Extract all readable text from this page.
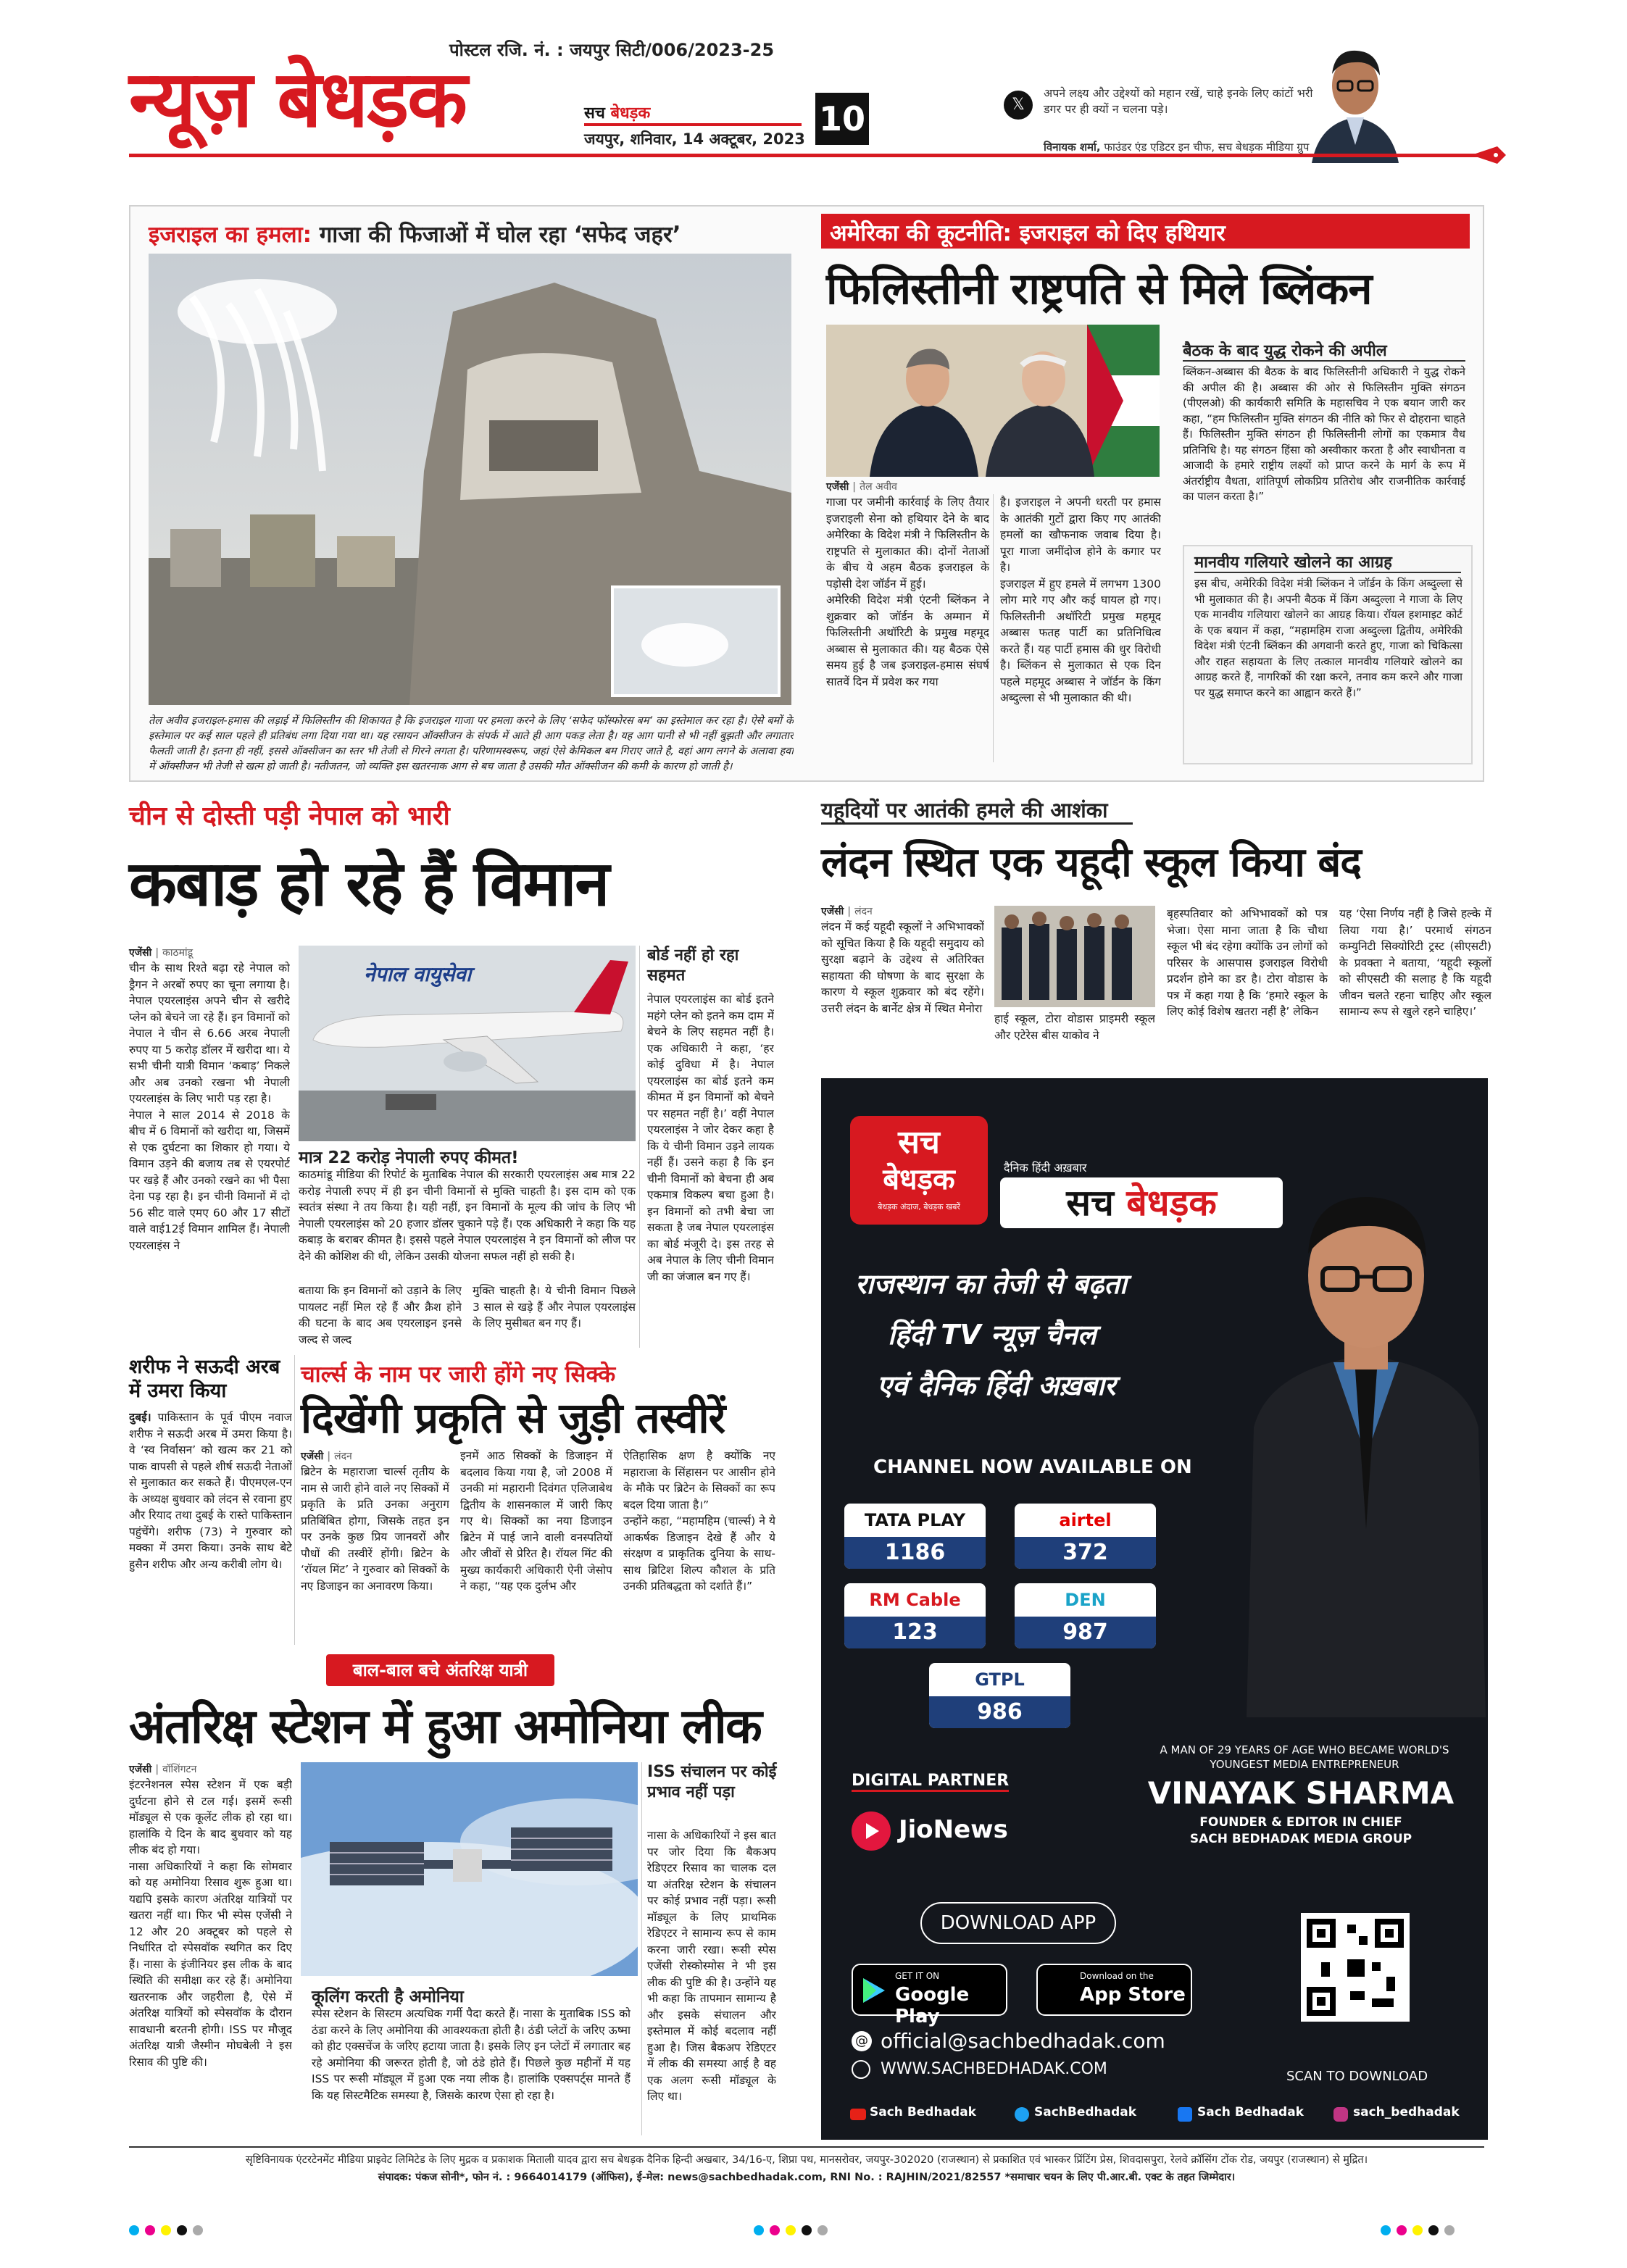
पोस्टल रजि. नं. : जयपुर सिटी/006/2023-25
न्यूज़ बेधड़क	सच बेधड़क
जयपुर, शनिवार, 14 अक्टूबर, 2023
10	𝕏
अपने लक्ष्य और उद्देश्यों को महान रखें, चाहे इनके लिए कांटों भरी डगर पर ही क्यों न चलना पड़े।
विनायक शर्मा, फाउंडर एंड एडिटर इन चीफ, सच बेधड़क मीडिया ग्रुप
इजराइल का हमला: गाजा की फिजाओं में घोल रहा ‘सफेद जहर’
तेल अवीव इजराइल-हमास की लड़ाई में फिलिस्तीन की शिकायत है कि इजराइल गाजा पर हमला करने के लिए ‘सफेद फॉस्फोरस बम’ का इस्तेमाल कर रहा है। ऐसे बमों के इस्तेमाल पर कई साल पहले ही प्रतिबंध लगा दिया गया था। यह रसायन ऑक्सीजन के संपर्क में आते ही आग पकड़ लेता है। यह आग पानी से भी नहीं बुझती और लगातार फैलती जाती है। इतना ही नहीं, इससे ऑक्सीजन का स्तर भी तेजी से गिरने लगता है। परिणामस्वरूप, जहां ऐसे केमिकल बम गिराए जाते है, वहां आग लगने के अलावा हवा में ऑक्सीजन भी तेजी से खत्म हो जाती है। नतीजतन, जो व्यक्ति इस खतरनाक आग से बच जाता है उसकी मौत ऑक्सीजन की कमी के कारण हो जाती है।
अमेरिका की कूटनीति: इजराइल को दिए हथियार
फिलिस्तीनी राष्ट्रपति से मिले ब्लिंकन
एजेंसी | तेल अवीव
गाजा पर जमीनी कार्रवाई के लिए तैयार इजराइली सेना को हथियार देने के बाद अमेरिका के विदेश मंत्री ने फिलिस्तीन के राष्ट्रपति से मुलाकात की। दोनों नेताओं के बीच ये अहम बैठक इजराइल के पड़ोसी देश जॉर्डन में हुई।
अमेरिकी विदेश मंत्री एंटनी ब्लिंकन ने शुक्रवार को जॉर्डन के अम्मान में फिलिस्तीनी अथॉरिटी के प्रमुख महमूद अब्बास से मुलाकात की। यह बैठक ऐसे समय हुई है जब इजराइल-हमास संघर्ष सातवें दिन में प्रवेश कर गया
है। इजराइल ने अपनी धरती पर हमास के आतंकी गुटों द्वारा किए गए आतंकी हमलों का खौफनाक जवाब दिया है। पूरा गाजा जमींदोज होने के कगार पर है।
इजराइल में हुए हमले में लगभग 1300 लोग मारे गए और कई घायल हो गए। फिलिस्तीनी अथॉरिटी प्रमुख महमूद अब्बास फतह पार्टी का प्रतिनिधित्व करते हैं। यह पार्टी हमास की धुर विरोधी है। ब्लिंकन से मुलाकात से एक दिन पहले महमूद अब्बास ने जॉर्डन के किंग अब्दुल्ला से भी मुलाकात की थी।
बैठक के बाद युद्ध रोकने की अपील
ब्लिंकन-अब्बास की बैठक के बाद फिलिस्तीनी अधिकारी ने युद्ध रोकने की अपील की है। अब्बास की ओर से फिलिस्तीन मुक्ति संगठन (पीएलओ) की कार्यकारी समिति के महासचिव ने एक बयान जारी कर कहा, “हम फिलिस्तीन मुक्ति संगठन की नीति को फिर से दोहराना चाहते हैं। फिलिस्तीन मुक्ति संगठन ही फिलिस्तीनी लोगों का एकमात्र वैध प्रतिनिधि है। यह संगठन हिंसा को अस्वीकार करता है और स्वाधीनता व आजादी के हमारे राष्ट्रीय लक्ष्यों को प्राप्त करने के मार्ग के रूप में अंतर्राष्ट्रीय वैधता, शांतिपूर्ण लोकप्रिय प्रतिरोध और राजनीतिक कार्रवाई का पालन करता है।”
मानवीय गलियारे खोलने का आग्रह
इस बीच, अमेरिकी विदेश मंत्री ब्लिंकन ने जॉर्डन के किंग अब्दुल्ला से भी मुलाकात की है। अपनी बैठक में किंग अब्दुल्ला ने गाजा के लिए एक मानवीय गलियारा खोलने का आग्रह किया। रॉयल हशमाइट कोर्ट के एक बयान में कहा, “महामहिम राजा अब्दुल्ला द्वितीय, अमेरिकी विदेश मंत्री एंटनी ब्लिंकन की अगवानी करते हुए, गाजा को चिकित्सा और राहत सहायता के लिए तत्काल मानवीय गलियारे खोलने का आग्रह करते हैं, नागरिकों की रक्षा करने, तनाव कम करने और गाजा पर युद्ध समाप्त करने का आह्वान करते हैं।”
चीन से दोस्ती पड़ी नेपाल को भारी
कबाड़ हो रहे हैं विमान
एजेंसी | काठमांडू
चीन के साथ रिश्ते बढ़ा रहे नेपाल को ड्रैगन ने अरबों रुपए का चूना लगाया है। नेपाल एयरलाइंस अपने चीन से खरीदे प्लेन को बेचने जा रहे हैं। इन विमानों को नेपाल ने चीन से 6.66 अरब नेपाली रुपए या 5 करोड़ डॉलर में खरीदा था। ये सभी चीनी यात्री विमान ‘कबाड़’ निकले और अब उनको रखना भी नेपाली एयरलाइंस के लिए भारी पड़ रहा है।
नेपाल ने साल 2014 से 2018 के बीच में 6 विमानों को खरीदा था, जिसमें से एक दुर्घटना का शिकार हो गया। ये विमान उड़ने की बजाय तब से एयरपोर्ट पर खड़े हैं और उनको रखने का भी पैसा देना पड़ रहा है। इन चीनी विमानों में दो 56 सीट वाले एमए 60 और 17 सीटों वाले वाई12ई विमान शामिल हैं। नेपाली एयरलाइंस ने
नेपाल वायुसेवा
मात्र 22 करोड़ नेपाली रुपए कीमत!
काठमांडू मीडिया की रिपोर्ट के मुताबिक नेपाल की सरकारी एयरलाइंस अब मात्र 22 करोड़ नेपाली रुपए में ही इन चीनी विमानों से मुक्ति चाहती है। इस दाम को एक स्वतंत्र संस्था ने तय किया है। यही नहीं, इन विमानों के मूल्य की जांच के लिए भी नेपाली एयरलाइंस को 20 हजार डॉलर चुकाने पड़े हैं। एक अधिकारी ने कहा कि यह कबाड़ के बराबर कीमत है। इससे पहले नेपाल एयरलाइंस ने इन विमानों को लीज पर देने की कोशिश की थी, लेकिन उसकी योजना सफल नहीं हो सकी है।
बताया कि इन विमानों को उड़ाने के लिए पायलट नहीं मिल रहे हैं और क्रैश होने की घटना के बाद अब एयरलाइन इनसे जल्द से जल्द
मुक्ति चाहती है। ये चीनी विमान पिछले 3 साल से खड़े हैं और नेपाल एयरलाइंस के लिए मुसीबत बन गए हैं।
बोर्ड नहीं हो रहा सहमत
नेपाल एयरलाइंस का बोर्ड इतने महंगे प्लेन को इतने कम दाम में बेचने के लिए सहमत नहीं है। एक अधिकारी ने कहा, ‘हर कोई दुविधा में है। नेपाल एयरलाइंस का बोर्ड इतने कम कीमत में इन विमानों को बेचने पर सहमत नहीं है।’ वहीं नेपाल एयरलाइंस ने जोर देकर कहा है कि ये चीनी विमान उड़ने लायक नहीं हैं। उसने कहा है कि इन चीनी विमानों को बेचना ही अब एकमात्र विकल्प बचा हुआ है। इन विमानों को तभी बेचा जा सकता है जब नेपाल एयरलाइंस का बोर्ड मंजूरी दे। इस तरह से अब नेपाल के लिए चीनी विमान जी का जंजाल बन गए हैं।
शरीफ ने सऊदी अरब में उमरा किया
दुबई। पाकिस्तान के पूर्व पीएम नवाज शरीफ ने सऊदी अरब में उमरा किया है। वे ‘स्व निर्वासन’ को खत्म कर 21 को पाक वापसी से पहले शीर्ष सऊदी नेताओं से मुलाकात कर सकते हैं। पीएमएल-एन के अध्यक्ष बुधवार को लंदन से रवाना हुए और रियाद तथा दुबई के रास्ते पाकिस्तान पहुंचेंगे। शरीफ (73) ने गुरुवार को मक्का में उमरा किया। उनके साथ बेटे हुसैन शरीफ और अन्य करीबी लोग थे।
चार्ल्स के नाम पर जारी होंगे नए सिक्के
दिखेंगी प्रकृति से जुड़ी तस्वीरें
एजेंसी | लंदन
ब्रिटेन के महाराजा चार्ल्स तृतीय के नाम से जारी होने वाले नए सिक्कों में प्रकृति के प्रति उनका अनुराग प्रतिबिंबित होगा, जिसके तहत इन पर उनके कुछ प्रिय जानवरों और पौधों की तस्वीरें होंगी। ब्रिटेन के ‘रॉयल मिंट’ ने गुरुवार को सिक्कों के नए डिजाइन का अनावरण किया।
इनमें आठ सिक्कों के डिजाइन में बदलाव किया गया है, जो 2008 में उनकी मां महारानी दिवंगत एलिजाबेथ द्वितीय के शासनकाल में जारी किए गए थे। सिक्कों का नया डिजाइन ब्रिटेन में पाई जाने वाली वनस्पतियों और जीवों से प्रेरित है। रॉयल मिंट की मुख्य कार्यकारी अधिकारी ऐनी जेसोप ने कहा, “यह एक दुर्लभ और
ऐतिहासिक क्षण है क्योंकि नए महाराजा के सिंहासन पर आसीन होने के मौके पर ब्रिटेन के सिक्कों का रूप बदल दिया जाता है।”
उन्होंने कहा, “महामहिम (चार्ल्स) ने ये आकर्षक डिजाइन देखे हैं और ये संरक्षण व प्राकृतिक दुनिया के साथ-साथ ब्रिटिश शिल्प कौशल के प्रति उनकी प्रतिबद्धता को दर्शाते हैं।”
बाल-बाल बचे अंतरिक्ष यात्री
अंतरिक्ष स्टेशन में हुआ अमोनिया लीक
एजेंसी | वॉशिंगटन
इंटरनेशनल स्पेस स्टेशन में एक बड़ी दुर्घटना होने से टल गई। इसमें रूसी मॉड्यूल से एक कूलेंट लीक हो रहा था। हालांकि ये दिन के बाद बुधवार को यह लीक बंद हो गया।
नासा अधिकारियों ने कहा कि सोमवार को यह अमोनिया रिसाव शुरू हुआ था। यद्यपि इसके कारण अंतरिक्ष यात्रियों पर खतरा नहीं था। फिर भी स्पेस एजेंसी ने 12 और 20 अक्टूबर को पहले से निर्धारित दो स्पेसवॉक स्थगित कर दिए हैं। नासा के इंजीनियर इस लीक के बाद स्थिति की समीक्षा कर रहे हैं। अमोनिया खतरनाक और जहरीला है, ऐसे में अंतरिक्ष यात्रियों को स्पेसवॉक के दौरान सावधानी बरतनी होगी। ISS पर मौजूद अंतरिक्ष यात्री जैस्मीन मोघबेली ने इस रिसाव की पुष्टि की।
कूलिंग करती है अमोनिया
स्पेस स्टेशन के सिस्टम अत्यधिक गर्मी पैदा करते हैं। नासा के मुताबिक ISS को ठंडा करने के लिए अमोनिया की आवश्यकता होती है। ठंडी प्लेटों के जरिए ऊष्मा को हीट एक्सचेंज के जरिए हटाया जाता है। इसके लिए इन प्लेटों में लगातार बह रहे अमोनिया की जरूरत होती है, जो ठंडे होते हैं। पिछले कुछ महीनों में यह ISS पर रूसी मॉड्यूल में हुआ एक नया लीक है। हालांकि एक्सपर्ट्स मानते हैं कि यह सिस्टमैटिक समस्या है, जिसके कारण ऐसा हो रहा है।
ISS संचालन पर कोई प्रभाव नहीं पड़ा
नासा के अधिकारियों ने इस बात पर जोर दिया कि बैकअप रेडिएटर रिसाव का चालक दल या अंतरिक्ष स्टेशन के संचालन पर कोई प्रभाव नहीं पड़ा। रूसी मॉड्यूल के लिए प्राथमिक रेडिएटर ने सामान्य रूप से काम करना जारी रखा। रूसी स्पेस एजेंसी रोस्कोस्मोस ने भी इस लीक की पुष्टि की है। उन्होंने यह भी कहा कि तापमान सामान्य है और इसके संचालन और इस्तेमाल में कोई बदलाव नहीं हुआ है। जिस बैकअप रेडिएटर में लीक की समस्या आई है वह एक अलग रूसी मॉड्यूल के लिए था।
यहूदियों पर आतंकी हमले की आशंका
लंदन स्थित एक यहूदी स्कूल किया बंद
एजेंसी | लंदन
लंदन में कई यहूदी स्कूलों ने अभिभावकों को सूचित किया है कि यहूदी समुदाय को सुरक्षा बढ़ाने के उद्देश्य से अतिरिक्त सहायता की घोषणा के बाद सुरक्षा के कारण ये स्कूल शुक्रवार को बंद रहेंगे। उत्तरी लंदन के बार्नेट क्षेत्र में स्थित मेनोरा
हाई स्कूल, टोरा वोडास प्राइमरी स्कूल और एटेरेस बीस याकोव ने
बृहस्पतिवार को अभिभावकों को पत्र भेजा। ऐसा माना जाता है कि चौथा स्कूल भी बंद रहेगा क्योंकि उन लोगों को परिसर के आसपास इजराइल विरोधी प्रदर्शन होने का डर है। टोरा वोडास के पत्र में कहा गया है कि ‘हमारे स्कूल के लिए कोई विशेष खतरा नहीं है’ लेकिन
यह ‘ऐसा निर्णय नहीं है जिसे हल्के में लिया गया है।’ परमार्थ संगठन कम्युनिटी सिक्योरिटी ट्रस्ट (सीएसटी) के प्रवक्ता ने बताया, ‘यहूदी स्कूलों को सीएसटी की सलाह है कि यहूदी जीवन चलते रहना चाहिए और स्कूल सामान्य रूप से खुले रहने चाहिए।’
सच
बेधड़क
बेधड़क अंदाज, बेधड़क खबरें
दैनिक हिंदी अख़बार
सच बेधड़क
राजस्थान का तेजी से बढ़ता
हिंदी TV न्यूज़ चैनल
एवं दैनिक हिंदी अख़बार
CHANNEL NOW AVAILABLE ON
TATA PLAY
1186
airtel
372
RM Cable
123
DEN
987
GTPL
986
DIGITAL PARTNER
JioNews
A MAN OF 29 YEARS OF AGE WHO BECAME WORLD'S YOUNGEST MEDIA ENTREPRENEUR
VINAYAK SHARMA
FOUNDER & EDITOR IN CHIEF
SACH BEDHADAK MEDIA GROUP
DOWNLOAD APP
GET IT ON
Google Play
Download on the
App Store
@ official@sachbedhadak.com
WWW.SACHBEDHADAK.COM	SCAN TO DOWNLOAD
Sach Bedhadak	SachBedhadak	Sach Bedhadak	sach_bedhadak
सृष्टिविनायक एंटरटेनमेंट मीडिया प्राइवेट लिमिटेड के लिए मुद्रक व प्रकाशक मिताली यादव द्वारा सच बेधड़क दैनिक हिन्दी अखबार, 34/16-ए, शिप्रा पथ, मानसरोवर, जयपुर-302020 (राजस्थान) से प्रकाशित एवं भास्कर प्रिंटिंग प्रेस, शिवदासपुरा, रेलवे क्रॉसिंग टोंक रोड, जयपुर (राजस्थान) से मुद्रित।
संपादक: पंकज सोनी*, फोन नं. : 9664014179 (ऑफिस), ई-मेल: news@sachbedhadak.com, RNI No. : RAJHIN/2021/82557 *समाचार चयन के लिए पी.आर.बी. एक्ट के तहत जिम्मेदार।
